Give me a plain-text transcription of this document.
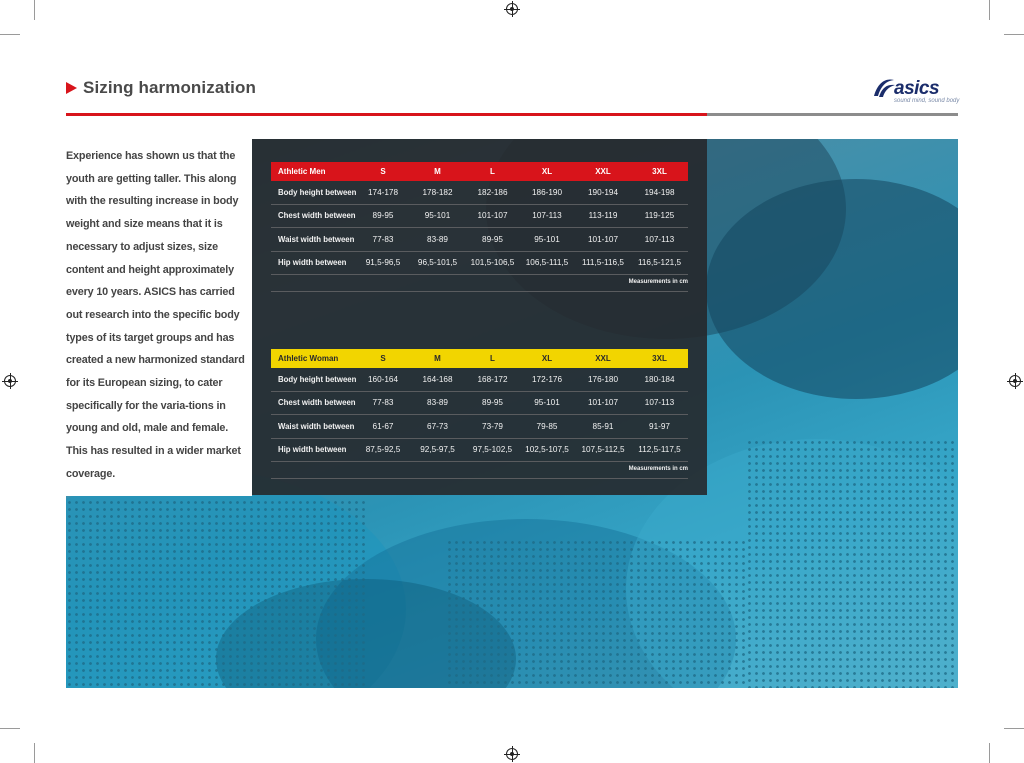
Sizing harmonization	asics
sound mind, sound body
Experience has shown us that the youth are getting taller. This along with the resulting increase in body weight and size means that it is necessary to adjust sizes, size content and height approximately every 10 years. ASICS has carried out research into the specific body types of its target groups and has created a new harmonized standard for its European sizing, to cater specifically for the varia-tions in young and old, male and female. This has resulted in a wider market coverage.
Athletic Men	S	M	L	XL	XXL	3XL
Body height between	174-178	178-182	182-186	186-190	190-194	194-198
Chest width between	89-95	95-101	101-107	107-113	113-119	119-125
Waist width between	77-83	83-89	89-95	95-101	101-107	107-113
Hip width between	91,5-96,5	96,5-101,5	101,5-106,5	106,5-111,5	111,5-116,5	116,5-121,5
Measurements in cm
Athletic Woman	S	M	L	XL	XXL	3XL
Body height between	160-164	164-168	168-172	172-176	176-180	180-184
Chest width between	77-83	83-89	89-95	95-101	101-107	107-113
Waist width between	61-67	67-73	73-79	79-85	85-91	91-97
Hip width between	87,5-92,5	92,5-97,5	97,5-102,5	102,5-107,5	107,5-112,5	112,5-117,5
Measurements in cm
